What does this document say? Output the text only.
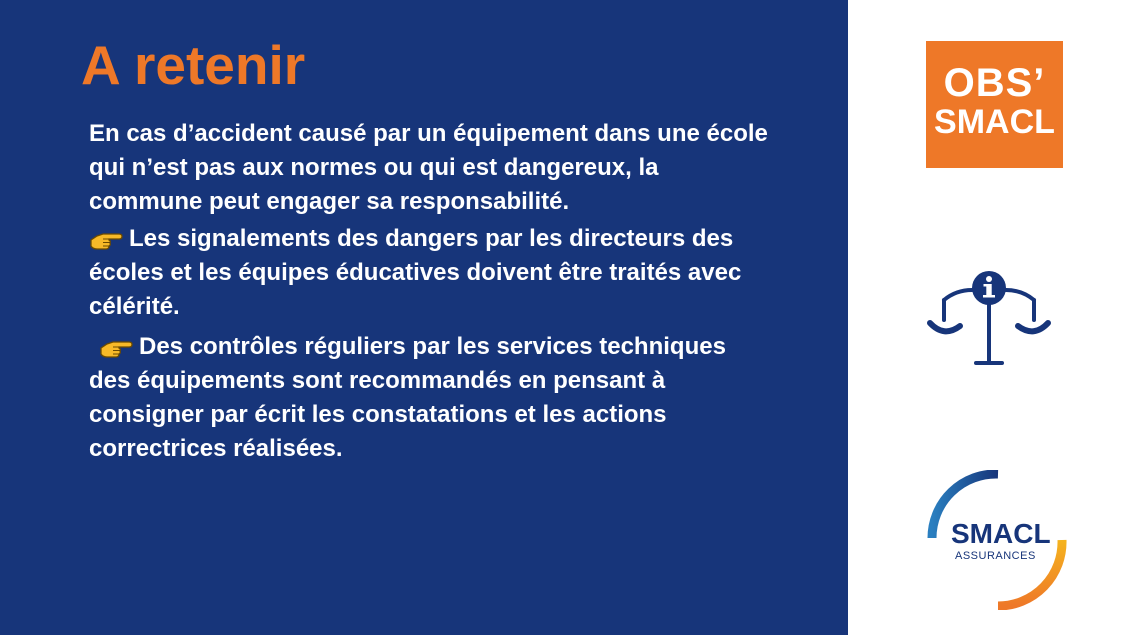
A retenir

En cas d’accident causé par un équipement dans une école qui n’est pas aux normes ou qui est dangereux, la commune peut engager sa responsabilité.

Les signalements des dangers par les directeurs des écoles et les équipes éducatives doivent être traités avec célérité.

Des contrôles réguliers par les services techniques des équipements sont recommandés en pensant à consigner par écrit les constatations et les actions correctrices réalisées.

OBS’
SMACL
SMACL
ASSURANCES
